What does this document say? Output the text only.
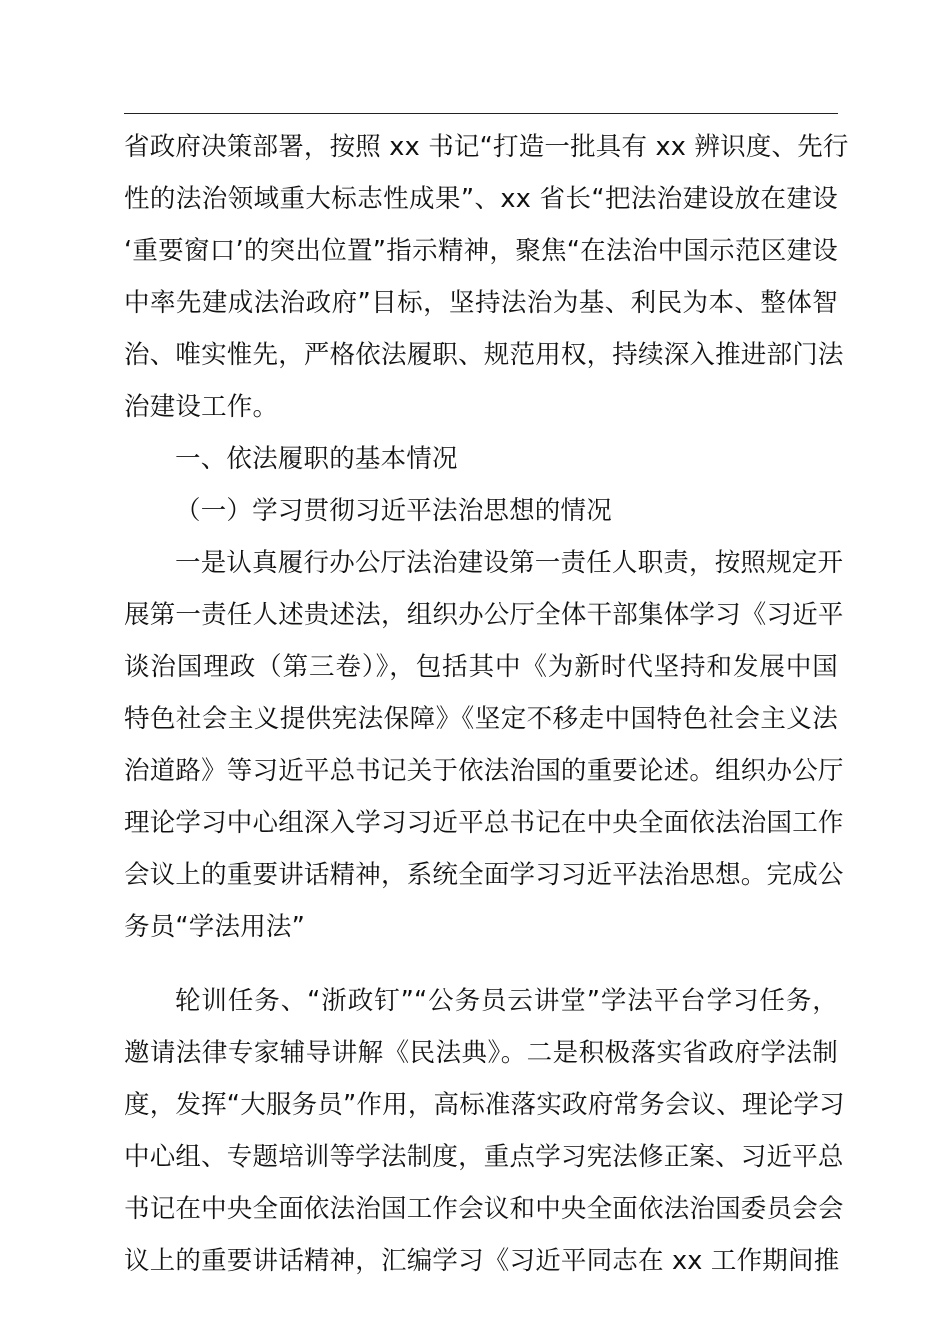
省政府决策部署，按照 xx 书记“打造一批具有 xx 辨识度、先行
性的法治领域重大标志性成果”、xx 省长“把法治建设放在建设
‘重要窗口’的突出位置”指示精神，聚焦“在法治中国示范区建设
中率先建成法治政府”目标，坚持法治为基、利民为本、整体智
治、唯实惟先，严格依法履职、规范用权，持续深入推进部门法
治建设工作。
一、依法履职的基本情况
（一）学习贯彻习近平法治思想的情况
一是认真履行办公厅法治建设第一责任人职责，按照规定开
展第一责任人述贵述法，组织办公厅全体干部集体学习《习近平
谈治国理政（第三卷）》，包括其中《为新时代坚持和发展中国
特色社会主义提供宪法保障》《坚定不移走中国特色社会主义法
治道路》等习近平总书记关于依法治国的重要论述。组织办公厅
理论学习中心组深入学习习近平总书记在中央全面依法治国工作
会议上的重要讲话精神，系统全面学习习近平法治思想。完成公
务员“学法用法”
轮训任务、“浙政钉”“公务员云讲堂”学法平台学习任务，
邀请法律专家辅导讲解《民法典》。二是积极落实省政府学法制
度，发挥“大服务员”作用，高标准落实政府常务会议、理论学习
中心组、专题培训等学法制度，重点学习宪法修正案、习近平总
书记在中央全面依法治国工作会议和中央全面依法治国委员会会
议上的重要讲话精神，汇编学习《习近平同志在 xx 工作期间推
